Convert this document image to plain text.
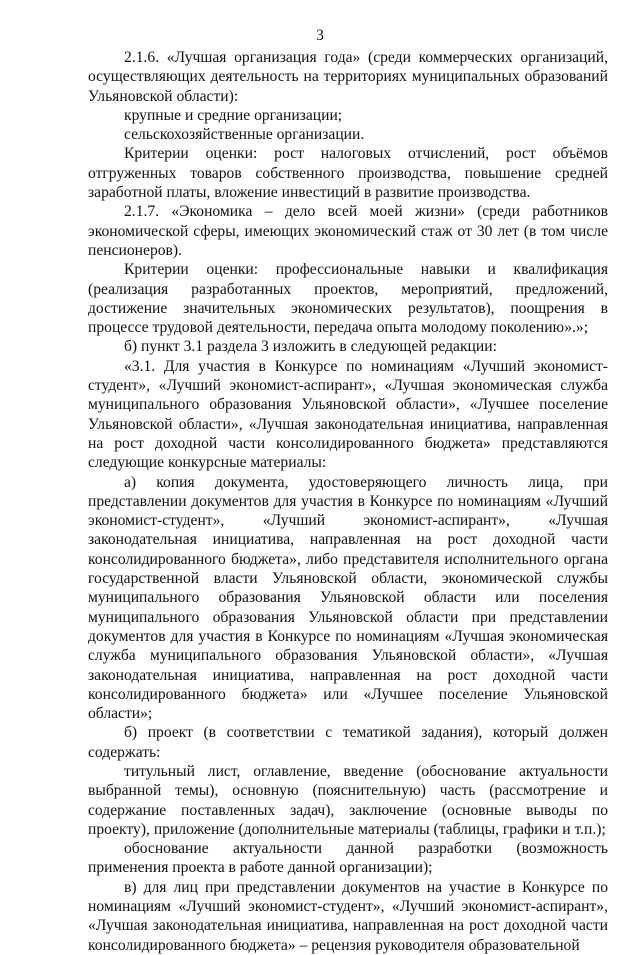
3

2.1.6. «Лучшая организация года» (среди коммерческих организаций, осуществляющих деятельность на территориях муниципальных образований Ульяновской области):

крупные и средние организации;

сельскохозяйственные организации.

Критерии оценки: рост налоговых отчислений, рост объёмов отгруженных товаров собственного производства, повышение средней заработной платы, вложение инвестиций в развитие производства.

2.1.7. «Экономика – дело всей моей жизни» (среди работников экономической сферы, имеющих экономический стаж от 30 лет (в том числе пенсионеров).

Критерии оценки: профессиональные навыки и квалификация (реализация разработанных проектов, мероприятий, предложений, достижение значительных экономических результатов), поощрения в процессе трудовой деятельности, передача опыта молодому поколению».»;

б) пункт 3.1 раздела 3 изложить в следующей редакции:

«3.1. Для участия в Конкурсе по номинациям «Лучший экономист-студент», «Лучший экономист-аспирант», «Лучшая экономическая служба муниципального образования Ульяновской области», «Лучшее поселение Ульяновской области», «Лучшая законодательная инициатива, направленная на рост доходной части консолидированного бюджета» представляются следующие конкурсные материалы:

а) копия документа, удостоверяющего личность лица, при представлении документов для участия в Конкурсе по номинациям «Лучший экономист-студент», «Лучший экономист-аспирант», «Лучшая законодательная инициатива, направленная на рост доходной части консолидированного бюджета», либо представителя исполнительного органа государственной власти Ульяновской области, экономической службы муниципального образования Ульяновской области или поселения муниципального образования Ульяновской области при представлении документов для участия в Конкурсе по номинациям «Лучшая экономическая служба муниципального образования Ульяновской области», «Лучшая законодательная инициатива, направленная на рост доходной части консолидированного бюджета» или «Лучшее поселение Ульяновской области»;

б) проект (в соответствии с тематикой задания), который должен содержать:

титульный лист, оглавление, введение (обоснование актуальности выбранной темы), основную (пояснительную) часть (рассмотрение и содержание поставленных задач), заключение (основные выводы по проекту), приложение (дополнительные материалы (таблицы, графики и т.п.);

обоснование актуальности данной разработки (возможность применения проекта в работе данной организации);

в) для лиц при представлении документов на участие в Конкурсе по номинациям «Лучший экономист-студент», «Лучший экономист-аспирант», «Лучшая законодательная инициатива, направленная на рост доходной части консолидированного бюджета» – рецензия руководителя образовательной
